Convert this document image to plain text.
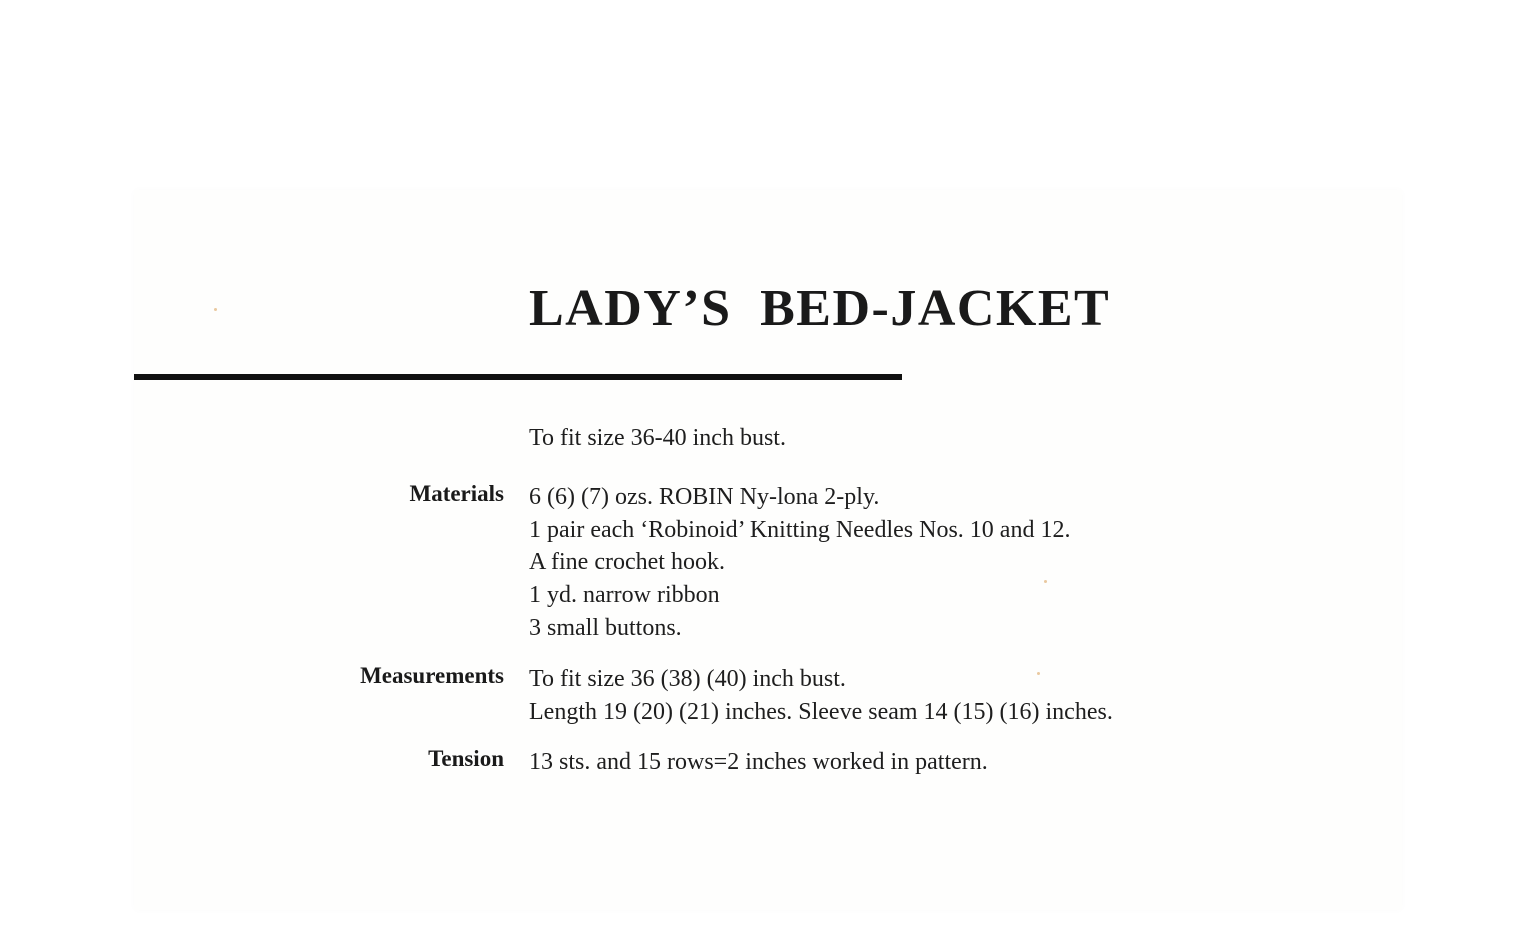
LADY’S BED-JACKET
To fit size 36-40 inch bust.
Materials 6 (6) (7) ozs. ROBIN Ny-lona 2-ply.
1 pair each ‘Robinoid’ Knitting Needles Nos. 10 and 12.
A fine crochet hook.
1 yd. narrow ribbon
3 small buttons.
Measurements To fit size 36 (38) (40) inch bust.
Length 19 (20) (21) inches. Sleeve seam 14 (15) (16) inches.
Tension 13 sts. and 15 rows=2 inches worked in pattern.
